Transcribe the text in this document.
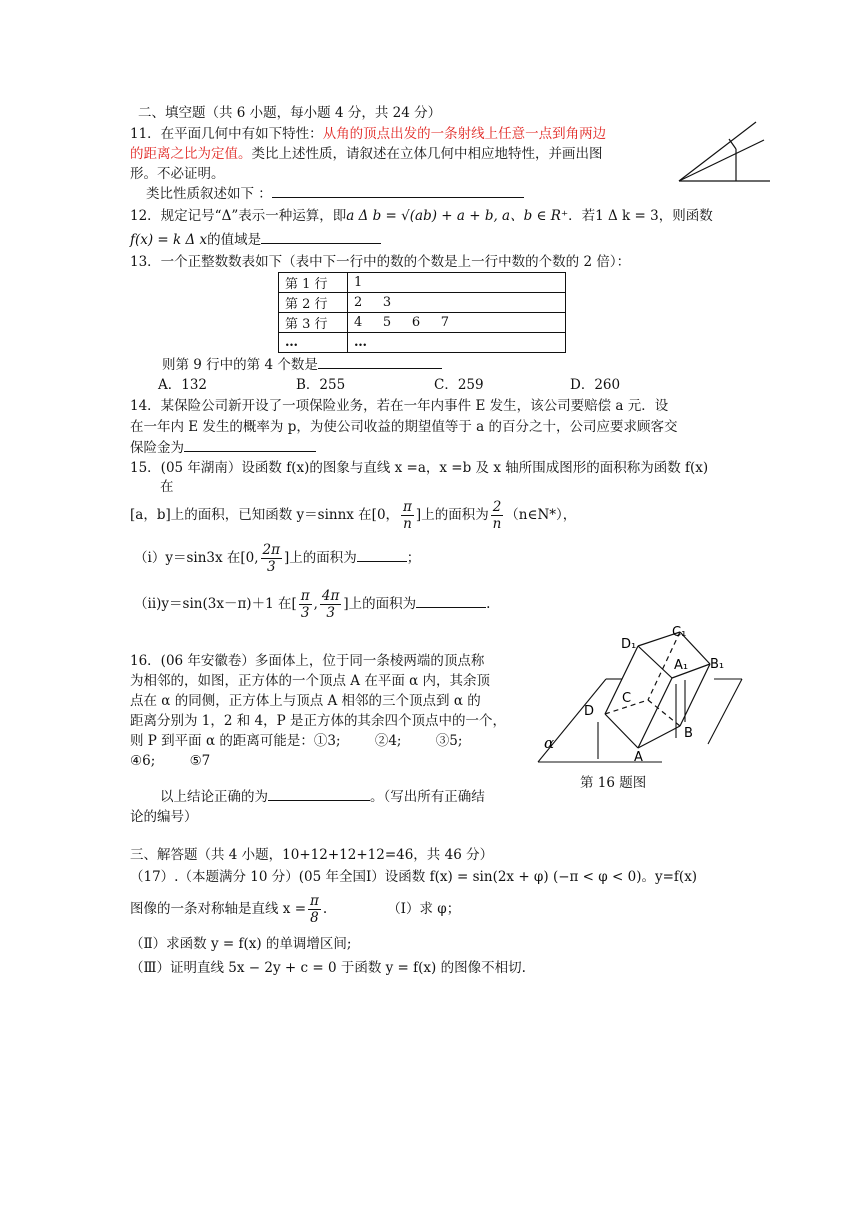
二、填空题（共 6 小题，每小题 4 分，共 24 分）
11．在平面几何中有如下特性：从角的顶点出发的一条射线上任意一点到角两边
的距离之比为定值。类比上述性质，请叙述在立体几何中相应地特性，并画出图
形。不必证明。
类比性质叙述如下 ：
12．规定记号“Δ”表示一种运算，即a Δ b = √(ab) + a + b, a、b ∈ R⁺．若1 Δ k = 3，则函数
f(x) = k Δ x的值域是
13．一个正整数数表如下（表中下一行中的数的个数是上一行中数的个数的 2 倍）：
第 1 行	1
第 2 行	2     3
第 3 行	4     5     6     7
…	…
则第 9 行中的第 4 个数是
A．132	B．255	C．259	D．260
14．某保险公司新开设了一项保险业务，若在一年内事件 E 发生，该公司要赔偿 a 元．设
在一年内 E 发生的概率为 p，为使公司收益的期望值等于 a 的百分之十，公司应要求顾客交
保险金为
15．(05 年湖南）设函数 f(x)的图象与直线 x =a，x =b 及 x 轴所围成图形的面积称为函数 f(x)
在
[a，b]上的面积，已知函数 y＝sinnx 在[0， $\frac{\pi}{n}$ ]上的面积为 $\frac{2}{n}$ （n∈N*），
（i）y＝sin3x 在[0, $\frac{2\pi}{3}$ ]上的面积为	；
（ii)y＝sin(3x－π)＋1 在[ $\frac{\pi}{3}$ , $\frac{4\pi}{3}$ ]上的面积为	.
16．(06 年安徽卷）多面体上，位于同一条棱两端的顶点称
为相邻的，如图，正方体的一个顶点 A 在平面 α 内，其余顶
点在 α 的同侧，正方体上与顶点 A 相邻的三个顶点到 α 的
距离分别为 1，2 和 4，P 是正方体的其余四个顶点中的一个，
则 P 到平面 α 的距离可能是：①3;        ②4;        ③5;
④6;        ⑤7
以上结论正确的为	。（写出所有正确结
论的编号）
D₁
C₁
A₁ B₁
C
D
B
A
α
第 16 题图
三、解答题（共 4 小题，10+12+12+12=46，共 46 分）
（17）.（本题满分 10 分）(05 年全国Ⅰ）设函数 f(x) = sin(2x + φ) (−π < φ < 0)。y=f(x)
图像的一条对称轴是直线 $x = \frac{\pi}{8}$ .	（Ⅰ）求 φ；
（Ⅱ）求函数 y = f(x) 的单调增区间;
（Ⅲ）证明直线 5x − 2y + c = 0 于函数 y = f(x) 的图像不相切.
